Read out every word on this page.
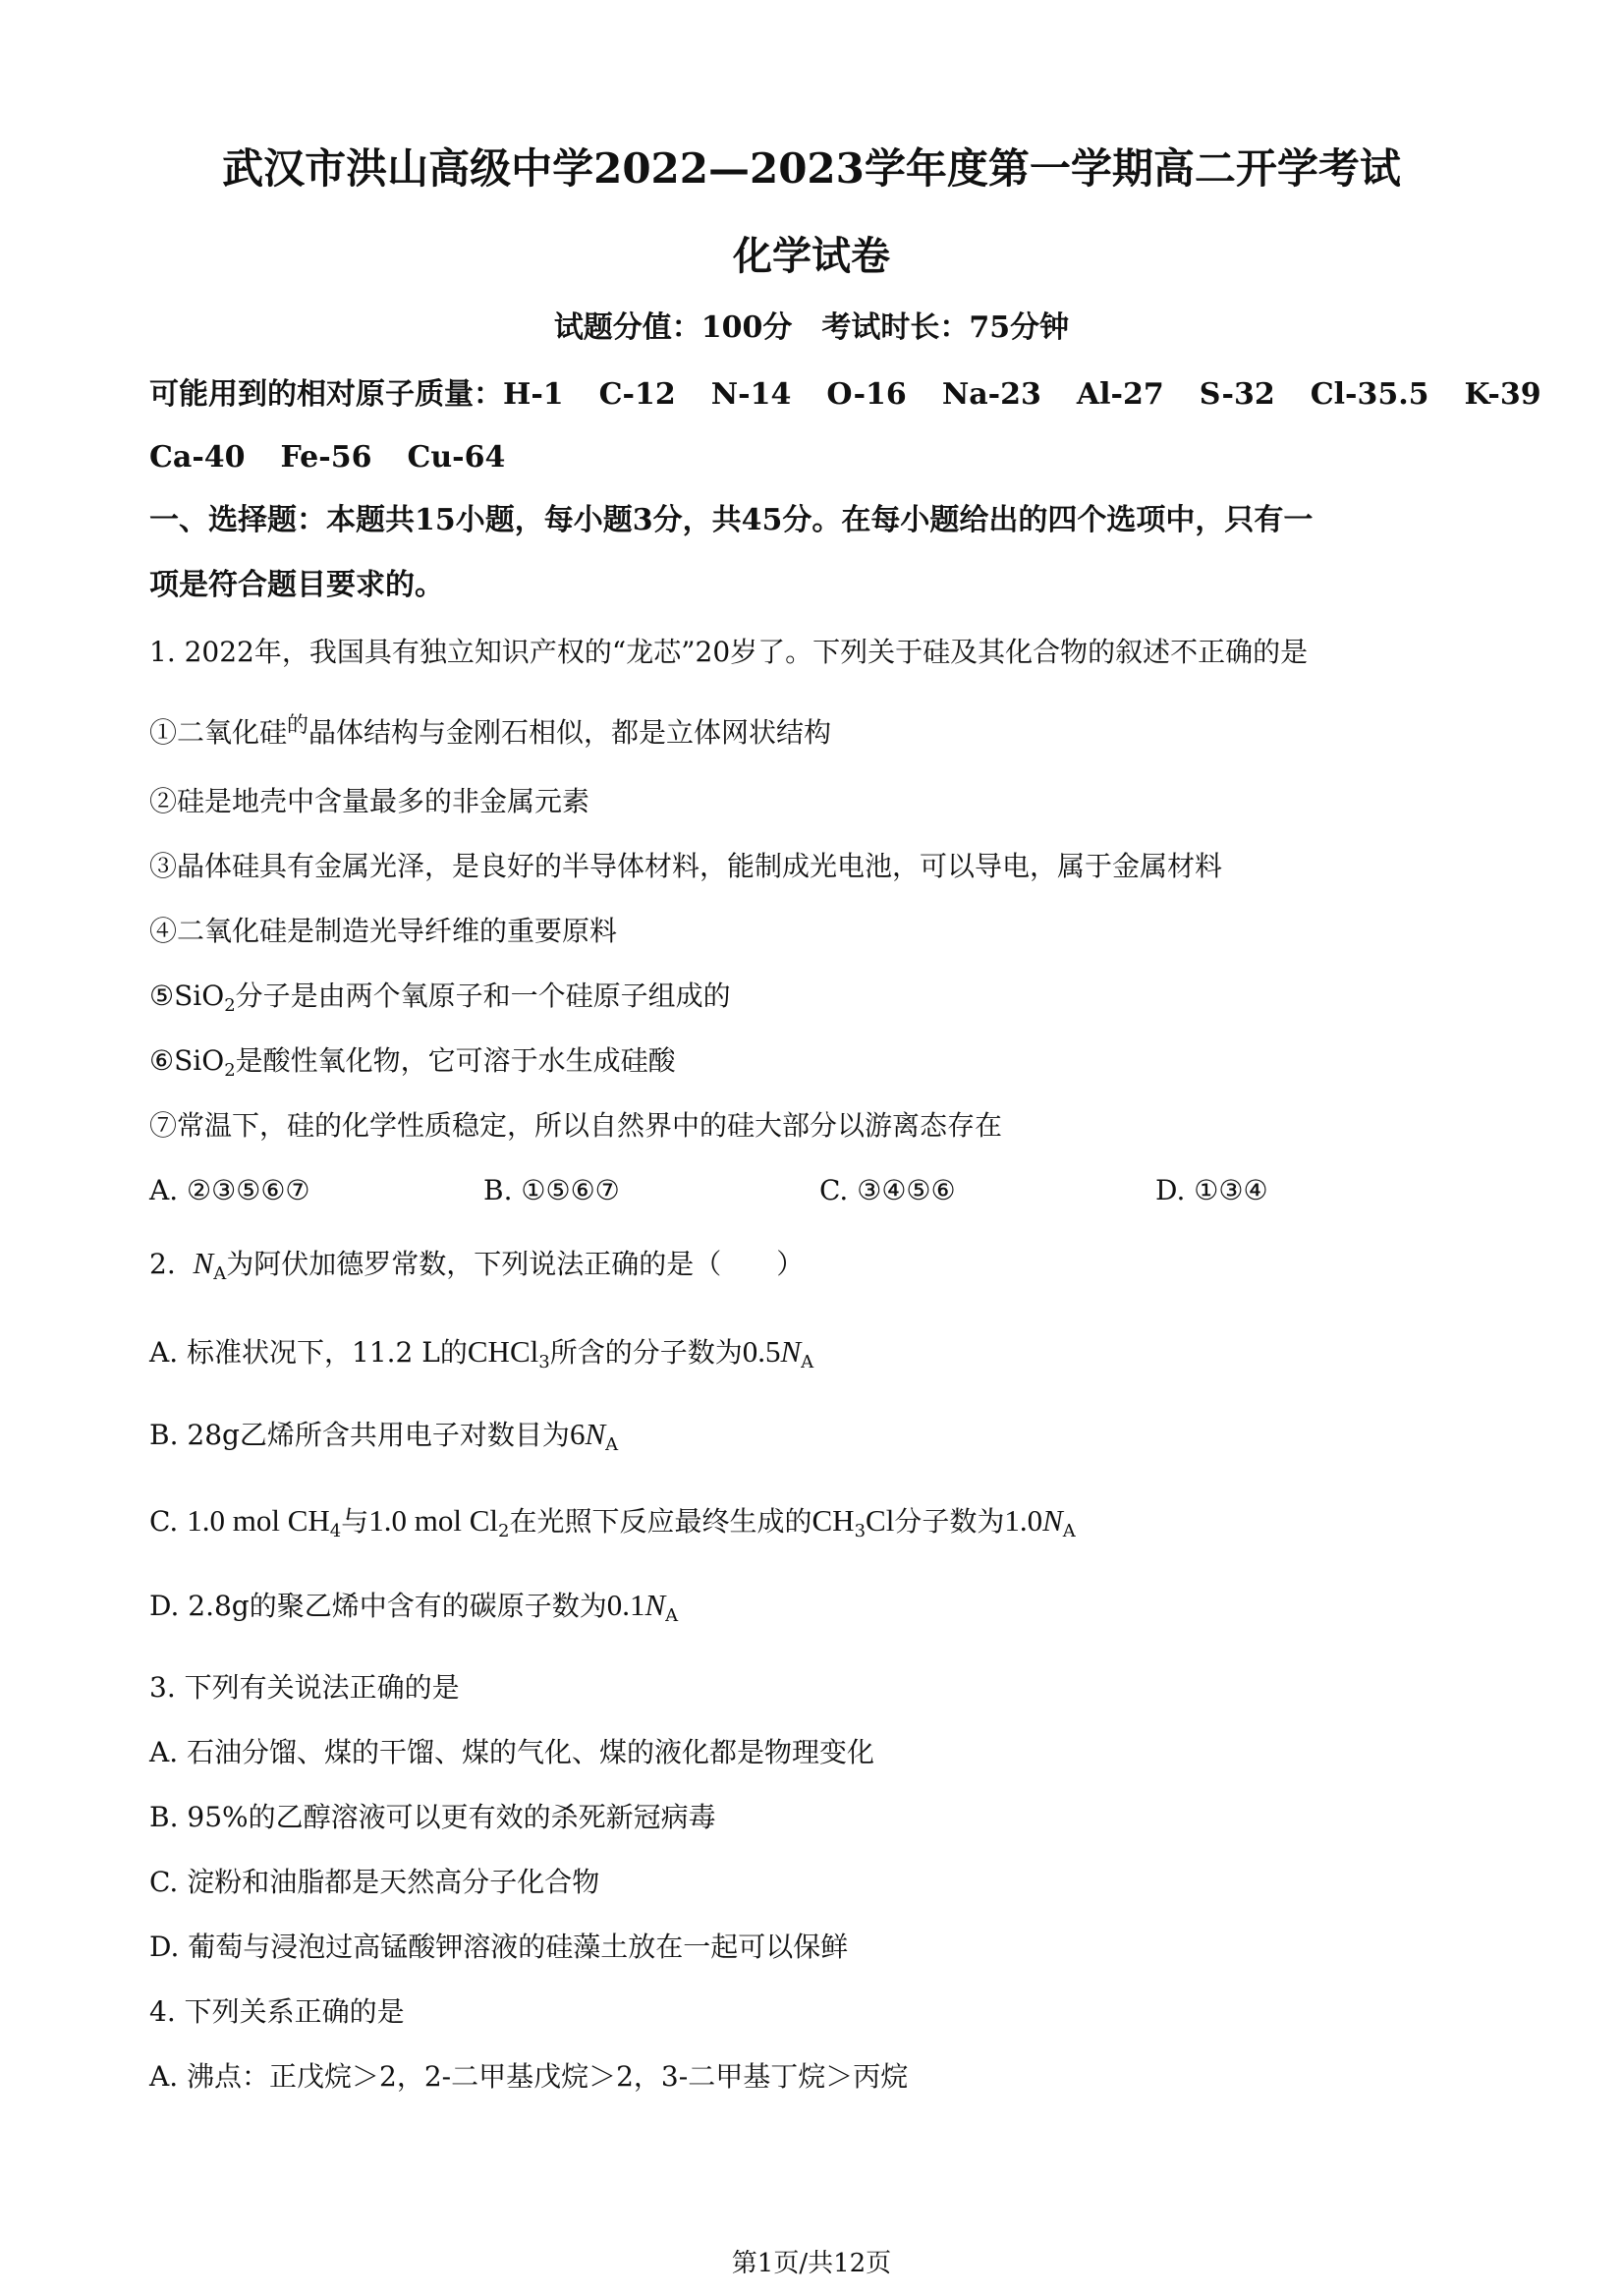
武汉市洪山高级中学2022—2023学年度第一学期高二开学考试
化学试卷
试题分值：100分　考试时长：75分钟
可能用到的相对原子质量：H-1 C-12 N-14 O-16 Na-23 Al-27 S-32 Cl-35.5 K-39
Ca-40 Fe-56 Cu-64
一、选择题：本题共15小题，每小题3分，共45分。在每小题给出的四个选项中，只有一
项是符合题目要求的。
1. 2022年，我国具有独立知识产权的“龙芯”20岁了。下列关于硅及其化合物的叙述不正确的是
①二氧化硅$^的$晶体结构与金刚石相似，都是立体网状结构
②硅是地壳中含量最多的非金属元素
③晶体硅具有金属光泽，是良好的半导体材料，能制成光电池，可以导电，属于金属材料
④二氧化硅是制造光导纤维的重要原料
⑤SiO$_2$分子是由两个氧原子和一个硅原子组成的
⑥SiO$_2$是酸性氧化物，它可溶于水生成硅酸
⑦常温下，硅的化学性质稳定，所以自然界中的硅大部分以游离态存在
A. ②③⑤⑥⑦	B. ①⑤⑥⑦	C. ③④⑤⑥	D. ①③④
2. $N_A$为阿伏加德罗常数，下列说法正确的是（　　）
A. 标准状况下，11.2 L的CHCl$_3$所含的分子数为$0.5N_A$
B. 28g乙烯所含共用电子对数目为$6N_A$
C. 1.0 mol $CH_4$与1.0 mol $Cl_2$在光照下反应最终生成的$CH_3Cl$分子数为$1.0N_A$
D. 2.8g的聚乙烯中含有的碳原子数为$0.1N_A$
3. 下列有关说法正确的是
A. 石油分馏、煤的干馏、煤的气化、煤的液化都是物理变化
B. 95%的乙醇溶液可以更有效的杀死新冠病毒
C. 淀粉和油脂都是天然高分子化合物
D. 葡萄与浸泡过高锰酸钾溶液的硅藻土放在一起可以保鲜
4. 下列关系正确的是
A. 沸点：正戊烷＞2，2-二甲基戊烷＞2，3-二甲基丁烷＞丙烷
第1页/共12页
